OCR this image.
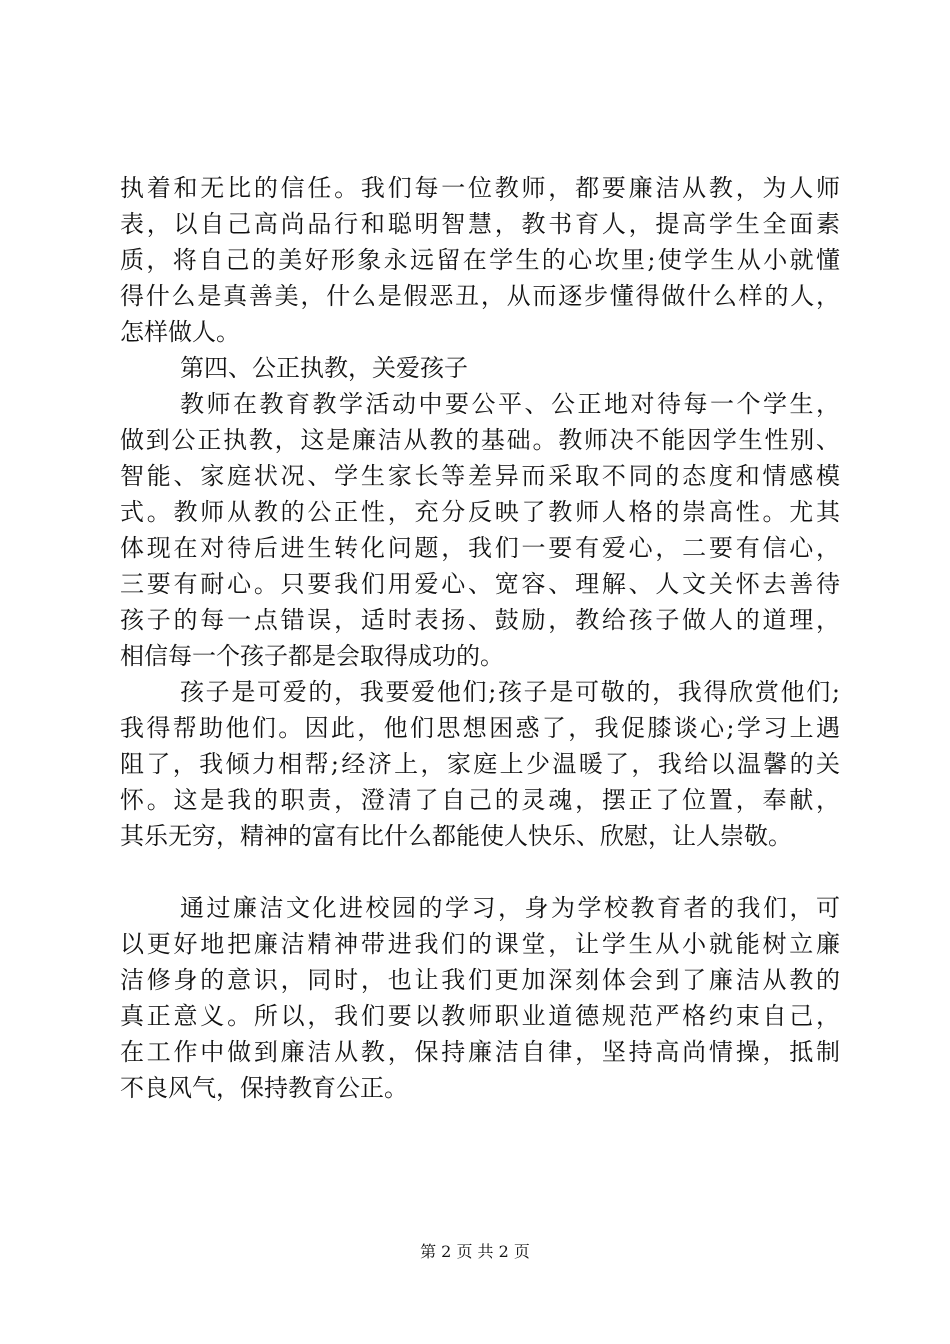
执着和无比的信任。我们每一位教师，都要廉洁从教，为人师
表，以自己高尚品行和聪明智慧，教书育人，提高学生全面素
质，将自己的美好形象永远留在学生的心坎里;使学生从小就懂
得什么是真善美，什么是假恶丑，从而逐步懂得做什么样的人，
怎样做人。
第四、公正执教，关爱孩子
教师在教育教学活动中要公平、公正地对待每一个学生，
做到公正执教，这是廉洁从教的基础。教师决不能因学生性别、
智能、家庭状况、学生家长等差异而采取不同的态度和情感模
式。教师从教的公正性，充分反映了教师人格的崇高性。尤其
体现在对待后进生转化问题，我们一要有爱心，二要有信心，
三要有耐心。只要我们用爱心、宽容、理解、人文关怀去善待
孩子的每一点错误，适时表扬、鼓励，教给孩子做人的道理，
相信每一个孩子都是会取得成功的。
孩子是可爱的，我要爱他们;孩子是可敬的，我得欣赏他们;
我得帮助他们。因此，他们思想困惑了，我促膝谈心;学习上遇
阻了，我倾力相帮;经济上，家庭上少温暖了，我给以温馨的关
怀。这是我的职责，澄清了自己的灵魂，摆正了位置，奉献，
其乐无穷，精神的富有比什么都能使人快乐、欣慰，让人崇敬。
通过廉洁文化进校园的学习，身为学校教育者的我们，可
以更好地把廉洁精神带进我们的课堂，让学生从小就能树立廉
洁修身的意识，同时，也让我们更加深刻体会到了廉洁从教的
真正意义。所以，我们要以教师职业道德规范严格约束自己，
在工作中做到廉洁从教，保持廉洁自律，坚持高尚情操，抵制
不良风气，保持教育公正。
第 2 页 共 2 页
